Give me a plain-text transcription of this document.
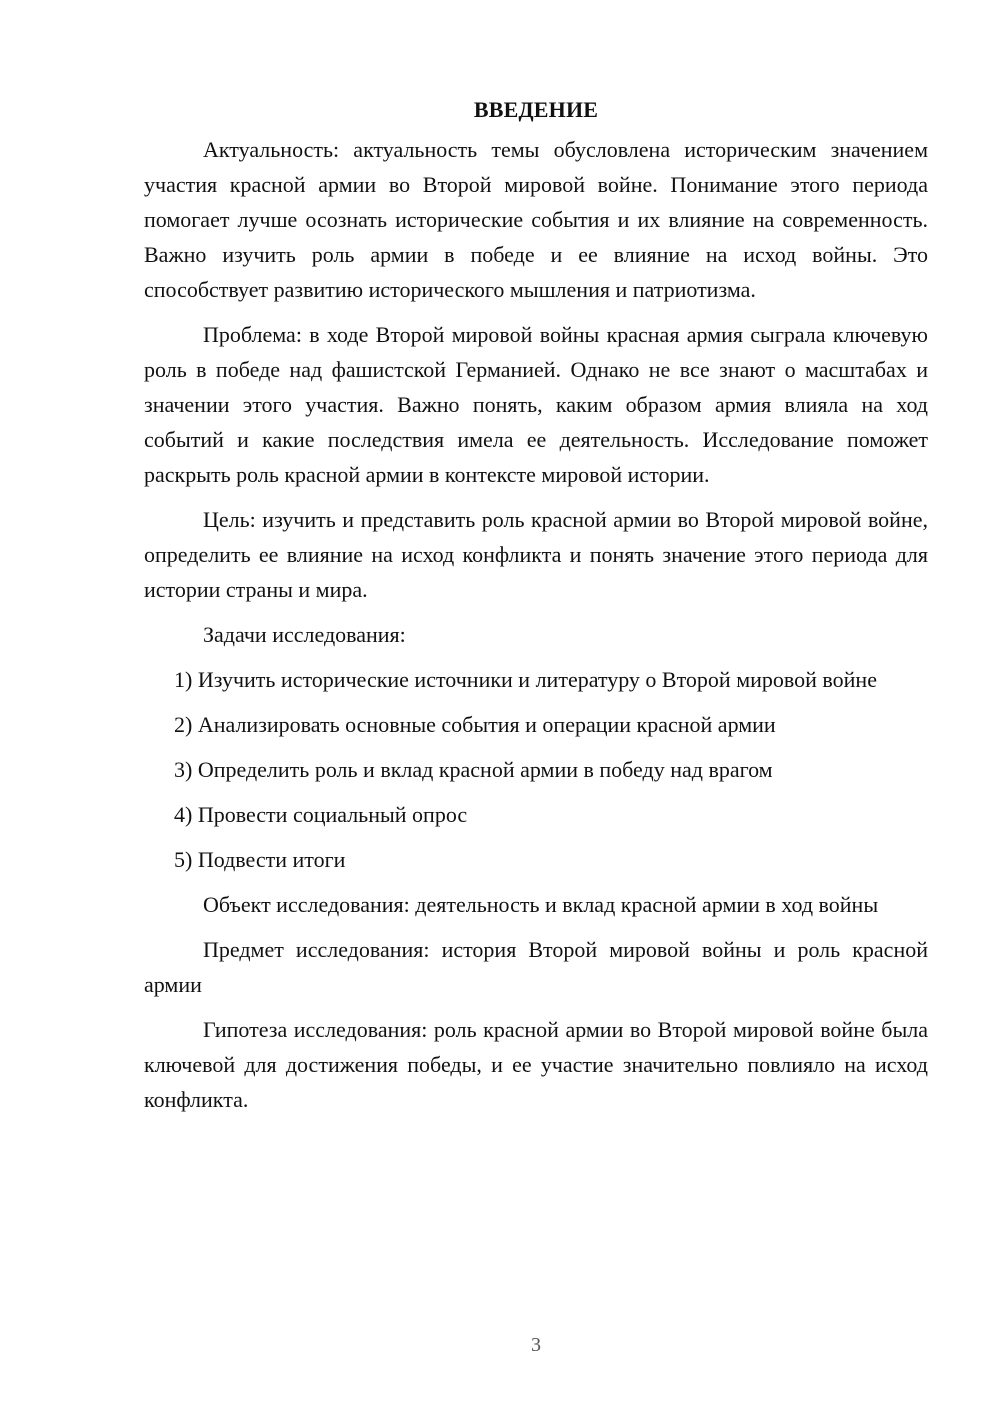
ВВЕДЕНИЕ

Актуальность: актуальность темы обусловлена историческим значением участия красной армии во Второй мировой войне. Понимание этого периода помогает лучше осознать исторические события и их влияние на современность. Важно изучить роль армии в победе и ее влияние на исход войны. Это способствует развитию исторического мышления и патриотизма.

Проблема: в ходе Второй мировой войны красная армия сыграла ключевую роль в победе над фашистской Германией. Однако не все знают о масштабах и значении этого участия. Важно понять, каким образом армия влияла на ход событий и какие последствия имела ее деятельность. Исследование поможет раскрыть роль красной армии в контексте мировой истории.

Цель: изучить и представить роль красной армии во Второй мировой войне, определить ее влияние на исход конфликта и понять значение этого периода для истории страны и мира.

Задачи исследования:

1) Изучить исторические источники и литературу о Второй мировой войне

2) Анализировать основные события и операции красной армии

3) Определить роль и вклад красной армии в победу над врагом

4) Провести социальный опрос

5) Подвести итоги

Объект исследования: деятельность и вклад красной армии в ход войны

Предмет исследования: история Второй мировой войны и роль красной армии

Гипотеза исследования: роль красной армии во Второй мировой войне была ключевой для достижения победы, и ее участие значительно повлияло на исход конфликта.

3
